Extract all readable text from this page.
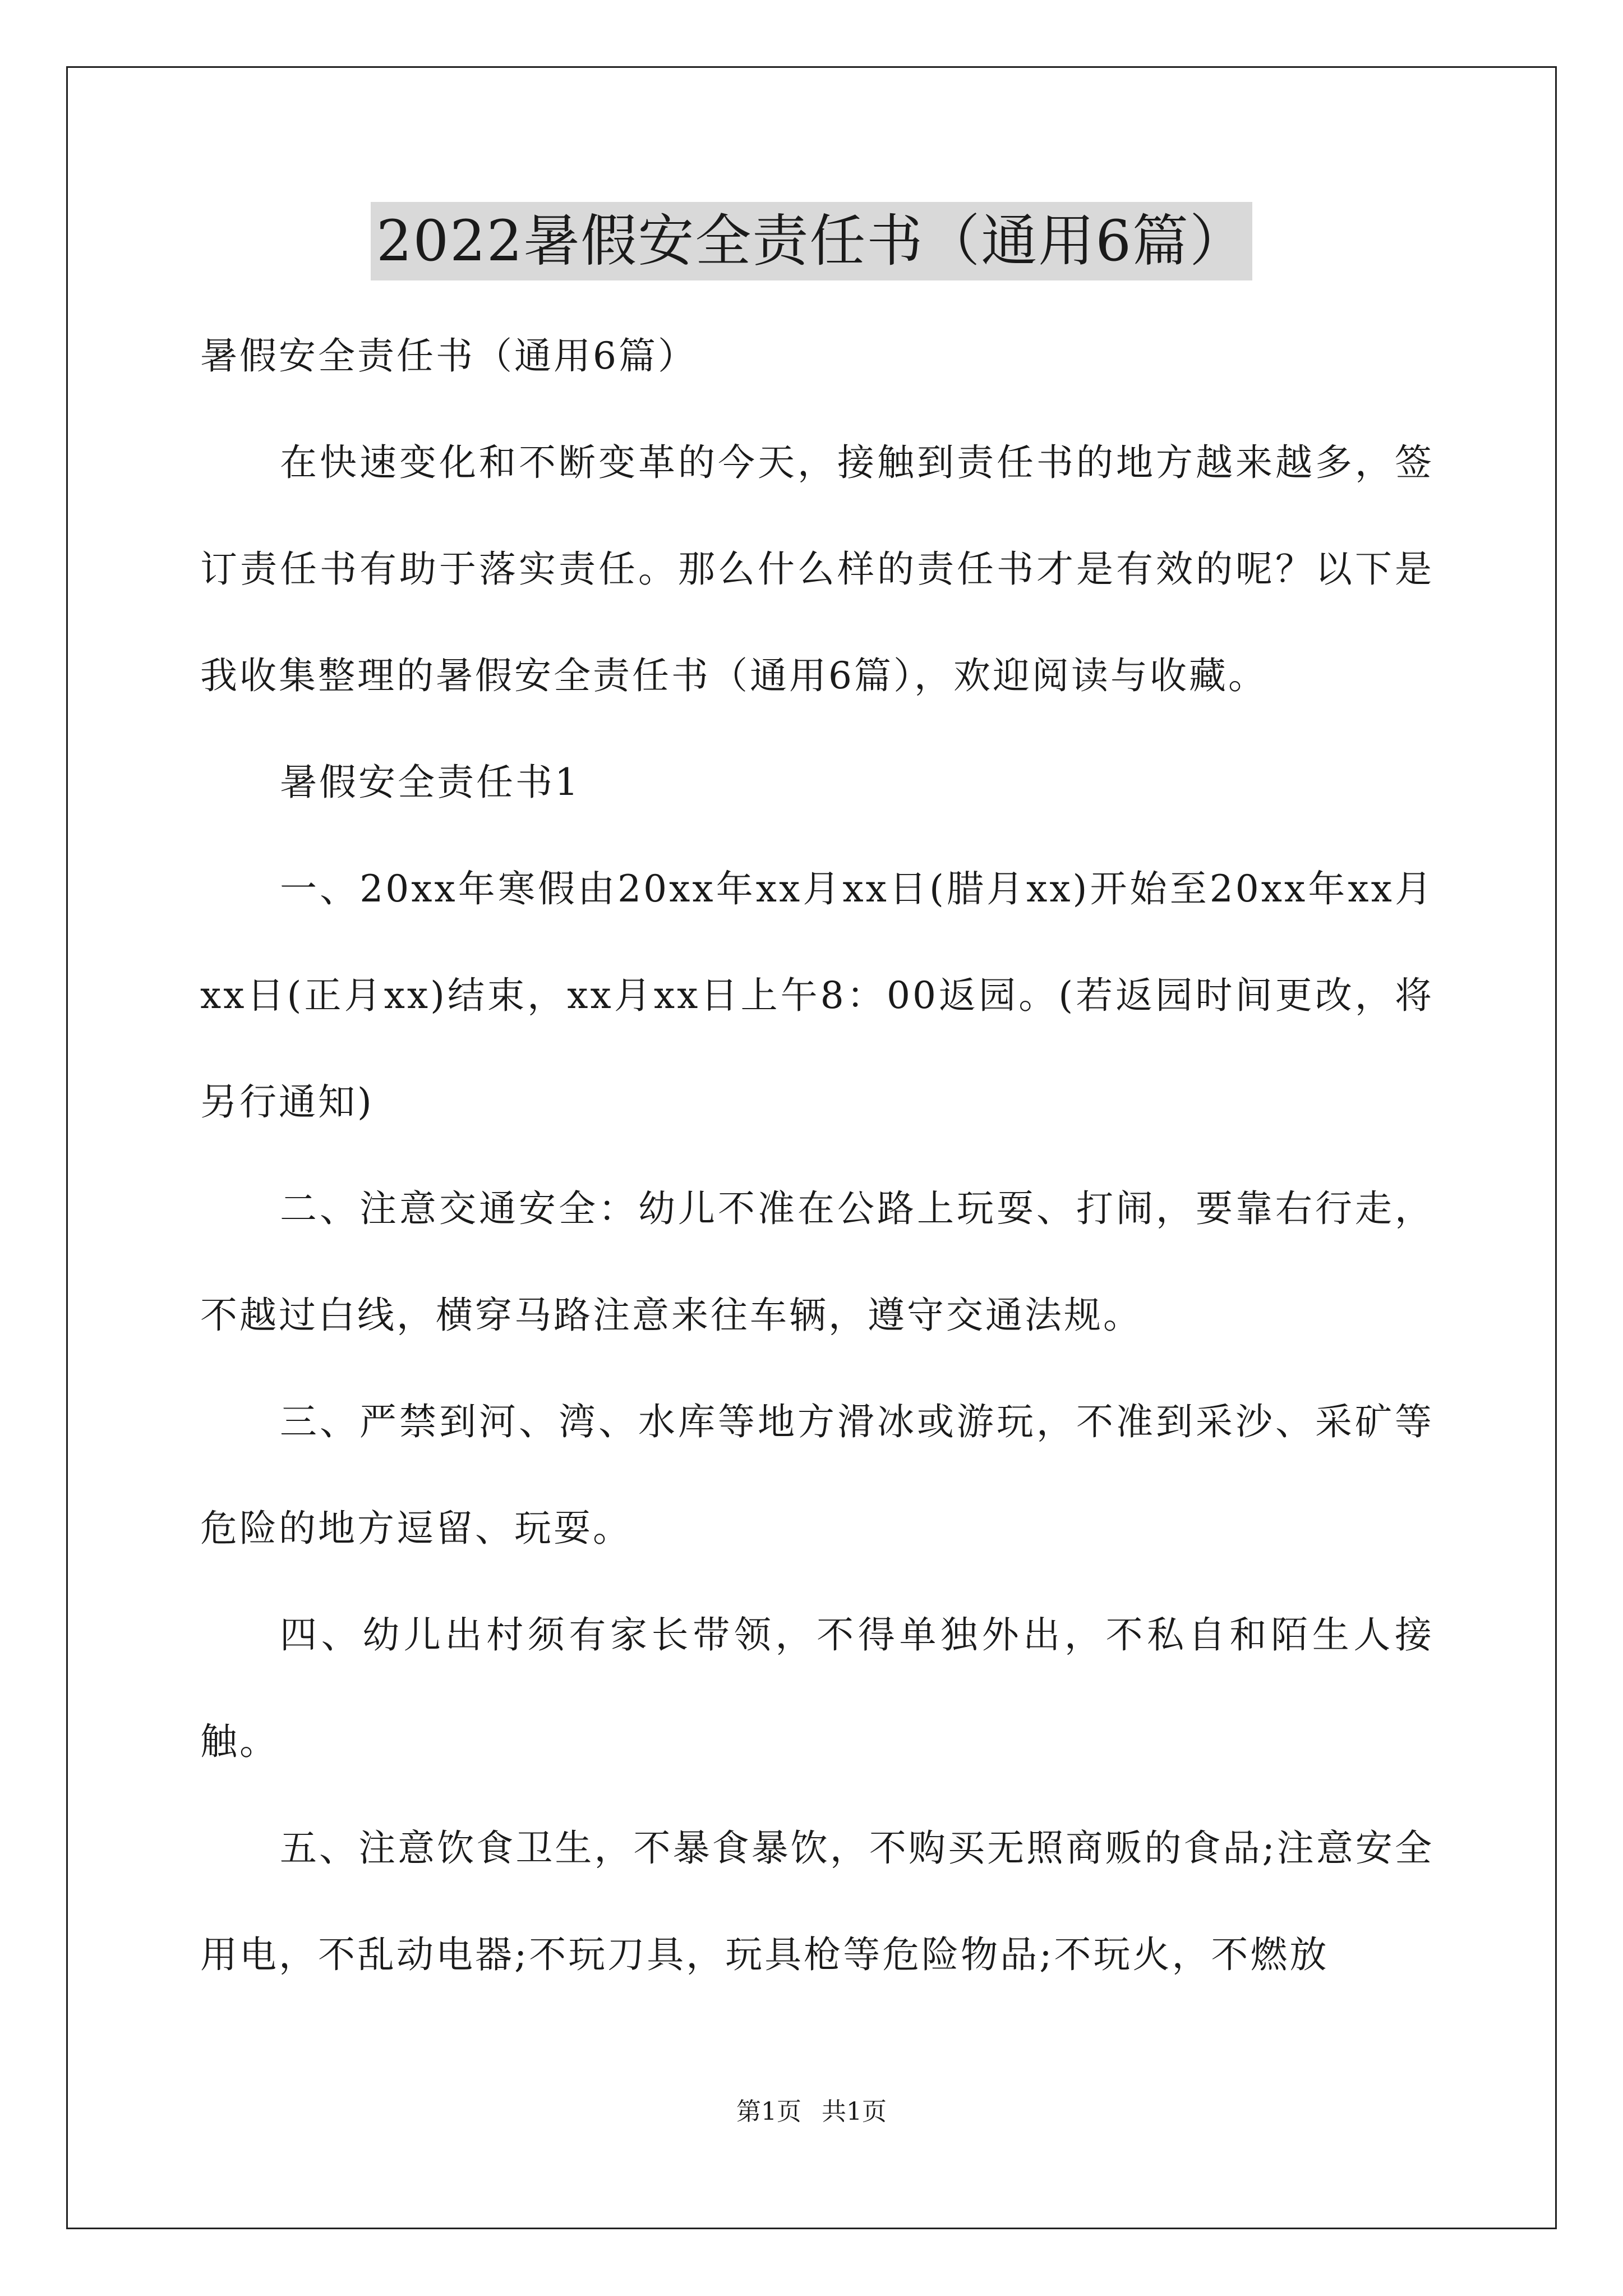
2022暑假安全责任书（通用6篇）

暑假安全责任书（通用6篇）

在快速变化和不断变革的今天，接触到责任书的地方越来越多，签订责任书有助于落实责任。那么什么样的责任书才是有效的呢？以下是我收集整理的暑假安全责任书（通用6篇），欢迎阅读与收藏。

暑假安全责任书1

一、20xx年寒假由20xx年xx月xx日(腊月xx)开始至20xx年xx月xx日(正月xx)结束，xx月xx日上午8：00返园。(若返园时间更改，将另行通知)

二、注意交通安全：幼儿不准在公路上玩耍、打闹，要靠右行走，不越过白线，横穿马路注意来往车辆，遵守交通法规。

三、严禁到河、湾、水库等地方滑冰或游玩，不准到采沙、采矿等危险的地方逗留、玩耍。

四、幼儿出村须有家长带领，不得单独外出，不私自和陌生人接触。

五、注意饮食卫生，不暴食暴饮，不购买无照商贩的食品;注意安全用电，不乱动电器;不玩刀具，玩具枪等危险物品;不玩火，不燃放

第1页 共1页
